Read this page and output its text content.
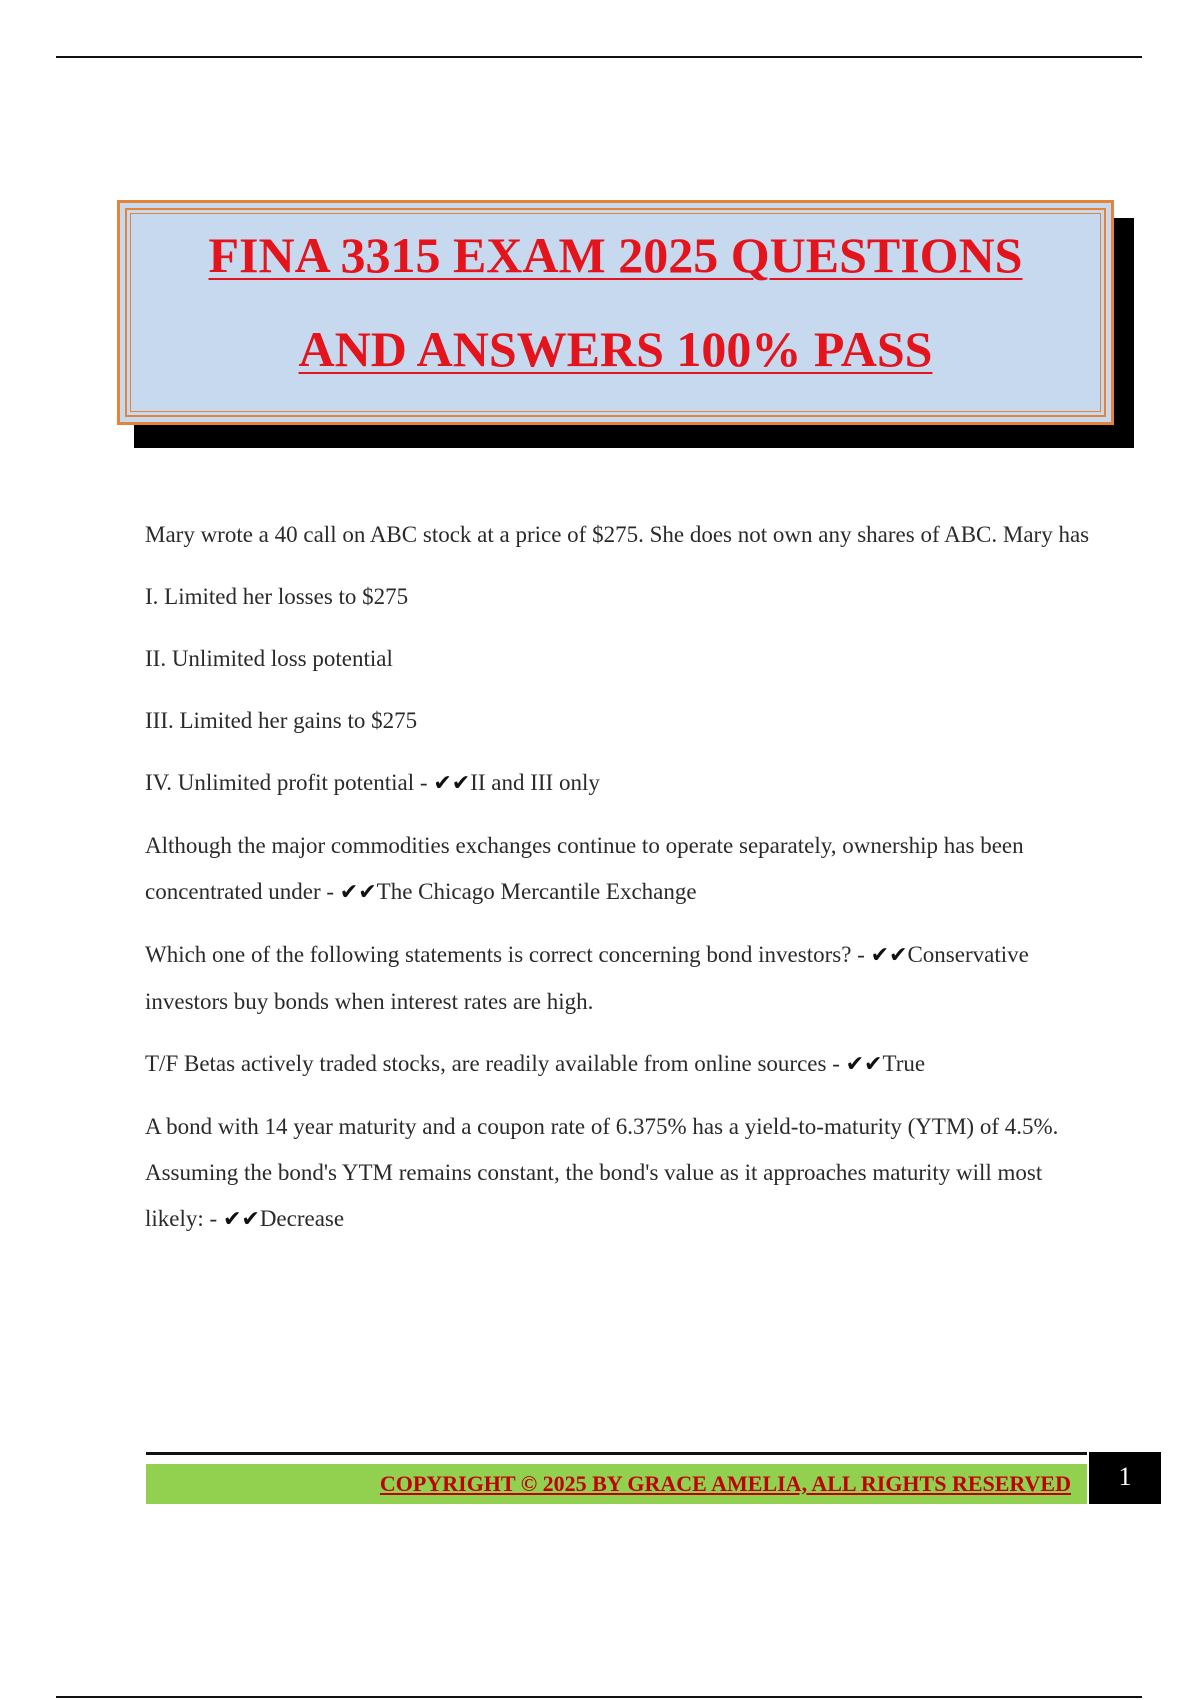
FINA 3315 EXAM 2025 QUESTIONS
AND ANSWERS 100% PASS

Mary wrote a 40 call on ABC stock at a price of $275. She does not own any shares of ABC. Mary has

I. Limited her losses to $275

II. Unlimited loss potential

III. Limited her gains to $275

IV. Unlimited profit potential - ✔✔II and III only

Although the major commodities exchanges continue to operate separately, ownership has been concentrated under - ✔✔The Chicago Mercantile Exchange

Which one of the following statements is correct concerning bond investors? - ✔✔Conservative investors buy bonds when interest rates are high.

T/F Betas actively traded stocks, are readily available from online sources - ✔✔True

A bond with 14 year maturity and a coupon rate of 6.375% has a yield-to-maturity (YTM) of 4.5%. Assuming the bond's YTM remains constant, the bond's value as it approaches maturity will most likely: - ✔✔Decrease

COPYRIGHT © 2025 BY GRACE AMELIA, ALL RIGHTS RESERVED	1
